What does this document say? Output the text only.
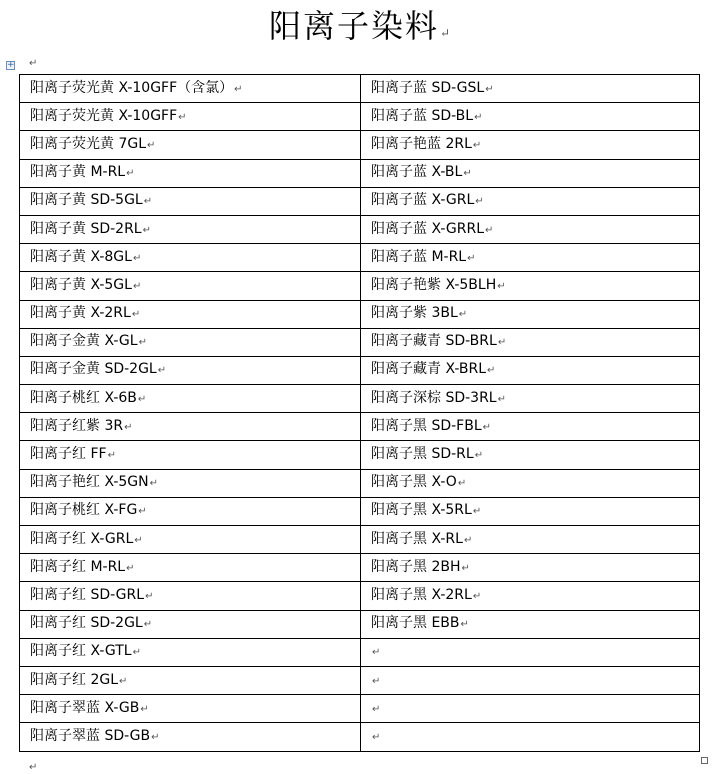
阳离子染料↵
+ ↵
阳离子荧光黄 X-10GFF（含氯）↵	阳离子蓝 SD-GSL↵
阳离子荧光黄 X-10GFF↵	阳离子蓝 SD-BL↵
阳离子荧光黄 7GL↵	阳离子艳蓝 2RL↵
阳离子黄 M-RL↵	阳离子蓝 X-BL↵
阳离子黄 SD-5GL↵	阳离子蓝 X-GRL↵
阳离子黄 SD-2RL↵	阳离子蓝 X-GRRL↵
阳离子黄 X-8GL↵	阳离子蓝 M-RL↵
阳离子黄 X-5GL↵	阳离子艳紫 X-5BLH↵
阳离子黄 X-2RL↵	阳离子紫 3BL↵
阳离子金黄 X-GL↵	阳离子藏青 SD-BRL↵
阳离子金黄 SD-2GL↵	阳离子藏青 X-BRL↵
阳离子桃红 X-6B↵	阳离子深棕 SD-3RL↵
阳离子红紫 3R↵	阳离子黑 SD-FBL↵
阳离子红 FF↵	阳离子黑 SD-RL↵
阳离子艳红 X-5GN↵	阳离子黑 X-O↵
阳离子桃红 X-FG↵	阳离子黑 X-5RL↵
阳离子红 X-GRL↵	阳离子黑 X-RL↵
阳离子红 M-RL↵	阳离子黑 2BH↵
阳离子红 SD-GRL↵	阳离子黑 X-2RL↵
阳离子红 SD-2GL↵	阳离子黑 EBB↵
阳离子红 X-GTL↵	↵
阳离子红 2GL↵	↵
阳离子翠蓝 X-GB↵	↵
阳离子翠蓝 SD-GB↵	↵
↵
